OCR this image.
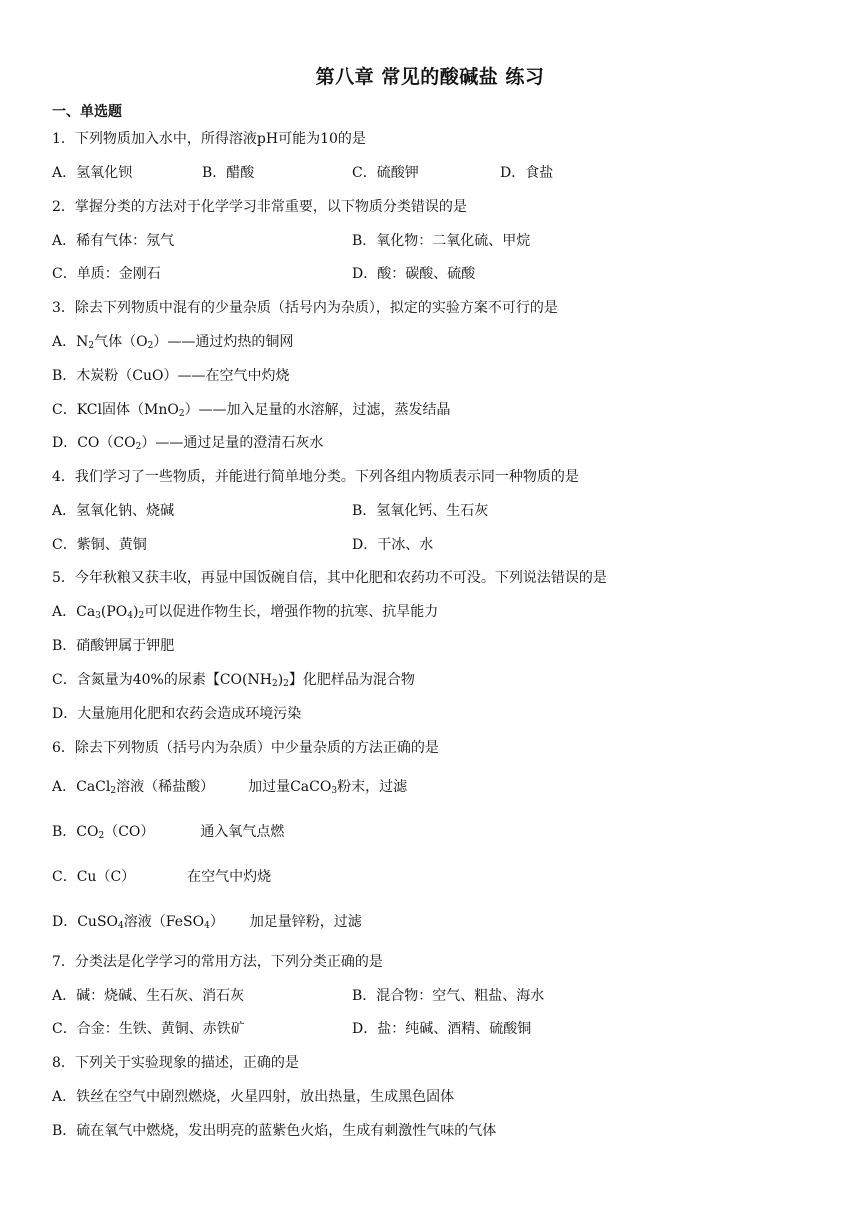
第八章 常见的酸碱盐 练习
一、单选题
1．下列物质加入水中，所得溶液pH可能为10的是
A．氢氧化钡	B．醋酸	C．硫酸钾	D．食盐
2．掌握分类的方法对于化学学习非常重要，以下物质分类错误的是
A．稀有气体：氖气	B．氧化物：二氧化硫、甲烷
C．单质：金刚石	D．酸：碳酸、硫酸
3．除去下列物质中混有的少量杂质（括号内为杂质），拟定的实验方案不可行的是
A．$N_2$气体$(O_2)——$通过灼热的铜网
B．木炭粉（CuO）——在空气中灼烧
C．KCl固体（MnO$_2$）——加入足量的水溶解，过滤，蒸发结晶
D．$CO(CO_2)——$通过足量的澄清石灰水
4．我们学习了一些物质，并能进行简单地分类。下列各组内物质表示同一种物质的是
A．氢氧化钠、烧碱	B．氢氧化钙、生石灰
C．紫铜、黄铜	D．干冰、水
5．今年秋粮又获丰收，再显中国饭碗自信，其中化肥和农药功不可没。下列说法错误的是
A．$Ca_3(PO_4)_2$可以促进作物生长，增强作物的抗寒、抗旱能力
B．硝酸钾属于钾肥
C．含氮量为40%的尿素【$CO(NH_2)_2$】化肥样品为混合物
D．大量施用化肥和农药会造成环境污染
6．除去下列物质（括号内为杂质）中少量杂质的方法正确的是
A．CaCl$_2$溶液（稀盐酸） 加过量CaCO$_3$粉末，过滤
B．$CO_2(CO)$	通入氧气点燃
C．Cu（C）	在空气中灼烧
D．CuSO$_4$溶液（FeSO$_4$） 加足量锌粉，过滤
7．分类法是化学学习的常用方法，下列分类正确的是
A．碱：烧碱、生石灰、消石灰	B．混合物：空气、粗盐、海水
C．合金：生铁、黄铜、赤铁矿	D．盐：纯碱、酒精、硫酸铜
8．下列关于实验现象的描述，正确的是
A．铁丝在空气中剧烈燃烧，火星四射，放出热量，生成黑色固体
B．硫在氧气中燃烧，发出明亮的蓝紫色火焰，生成有刺激性气味的气体
